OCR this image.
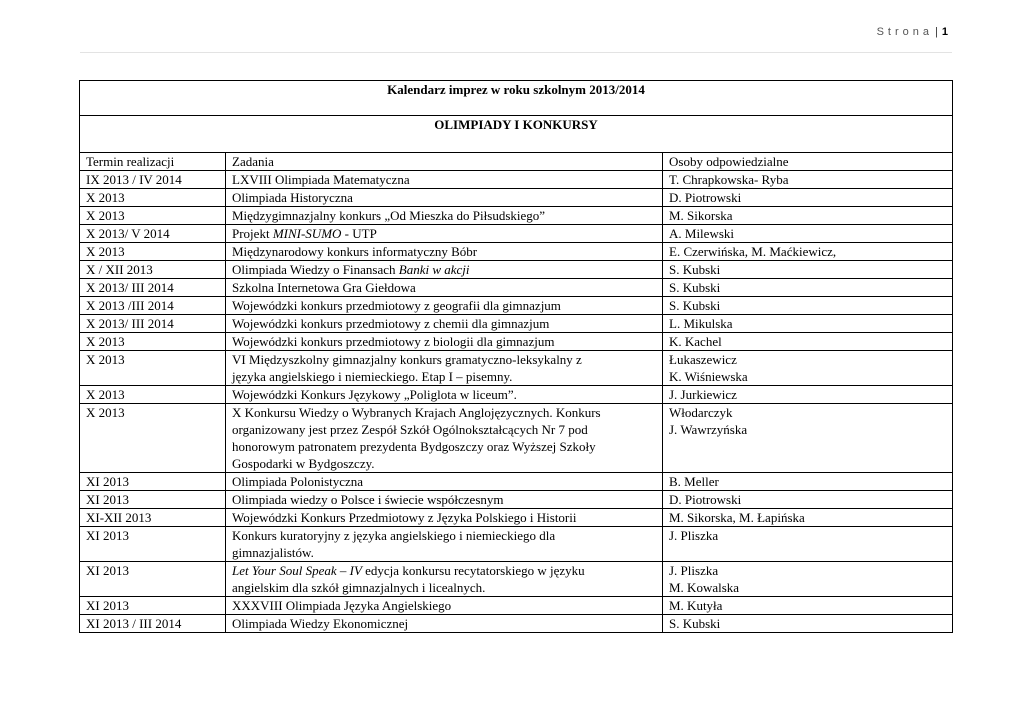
Strona | 1
Kalendarz imprez w roku szkolnym 2013/2014		
OLIMPIADY I KONKURSY		
Termin realizacji	Zadania	Osoby odpowiedzialne
IX 2013 / IV 2014	LXVIII Olimpiada Matematyczna	T. Chrapkowska- Ryba

X 2013	Olimpiada Historyczna	D. Piotrowski

X 2013	Międzygimnazjalny konkurs „Od Mieszka do Piłsudskiego”	M. Sikorska

X 2013/ V 2014	Projekt MINI-SUMO - UTP	A. Milewski

X 2013	Międzynarodowy konkurs informatyczny Bóbr	E. Czerwińska, M. Maćkiewicz,

X / XII 2013	Olimpiada Wiedzy o Finansach Banki w akcji	S. Kubski

X 2013/ III 2014	Szkolna Internetowa Gra Giełdowa	S. Kubski

X 2013 /III 2014	Wojewódzki konkurs przedmiotowy z geografii dla gimnazjum	S. Kubski

X 2013/ III 2014	Wojewódzki konkurs przedmiotowy z chemii dla gimnazjum	L. Mikulska

X 2013	Wojewódzki konkurs przedmiotowy z biologii dla gimnazjum	K. Kachel

X 2013	VI Międzyszkolny gimnazjalny konkurs gramatyczno-leksykalny z
języka angielskiego i niemieckiego. Etap I – pisemny.	Łukaszewicz
K. Wiśniewska

X 2013	Wojewódzki Konkurs Językowy „Poliglota w liceum”.	J. Jurkiewicz

X 2013	X Konkursu Wiedzy o Wybranych Krajach Anglojęzycznych. Konkurs
organizowany jest przez Zespół Szkół Ogólnokształcących Nr 7 pod
honorowym patronatem prezydenta Bydgoszczy oraz Wyższej Szkoły
Gospodarki w Bydgoszczy.	Włodarczyk
J. Wawrzyńska

XI 2013	Olimpiada Polonistyczna	B. Meller

XI 2013	Olimpiada wiedzy o Polsce i świecie współczesnym	D. Piotrowski

XI-XII 2013	Wojewódzki Konkurs Przedmiotowy z Języka Polskiego i Historii	M. Sikorska, M. Łapińska

XI 2013	Konkurs kuratoryjny z języka angielskiego i niemieckiego dla
gimnazjalistów.	J. Pliszka

XI 2013	Let Your Soul Speak – IV edycja konkursu recytatorskiego w języku
angielskim dla szkół gimnazjalnych i licealnych.	J. Pliszka
M. Kowalska

XI 2013	XXXVIII Olimpiada Języka Angielskiego	M. Kutyła

XI 2013 / III 2014	Olimpiada Wiedzy Ekonomicznej	S. Kubski
